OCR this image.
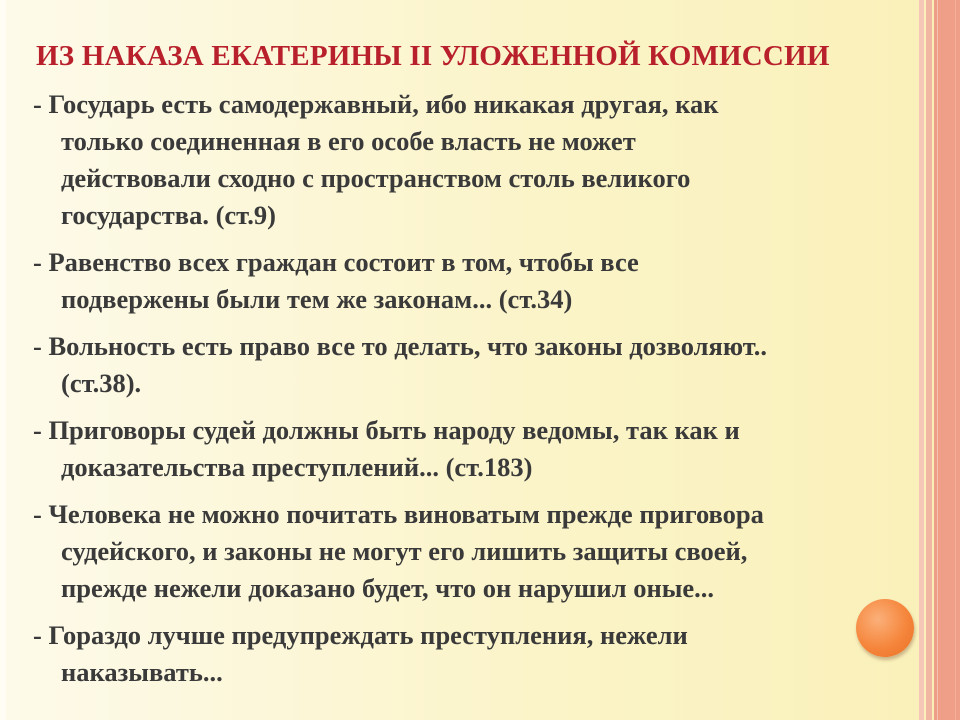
ИЗ НАКАЗА ЕКАТЕРИНЫ II УЛОЖЕННОЙ КОМИССИИ
- Государь есть самодержавный, ибо никакая другая, как
только соединенная в его особе власть не может
действовали сходно с пространством столь великого
государства. (ст.9)
- Равенство всех граждан состоит в том, чтобы все
подвержены были тем же законам... (ст.34)
- Вольность есть право все то делать, что законы дозволяют..
(ст.38).
- Приговоры судей должны быть народу ведомы, так как и
доказательства преступлений... (ст.183)
- Человека не можно почитать виноватым прежде приговора
судейского, и законы не могут его лишить защиты своей,
прежде нежели доказано будет, что он нарушил оные...
- Гораздо лучше предупреждать преступления, нежели
наказывать...
